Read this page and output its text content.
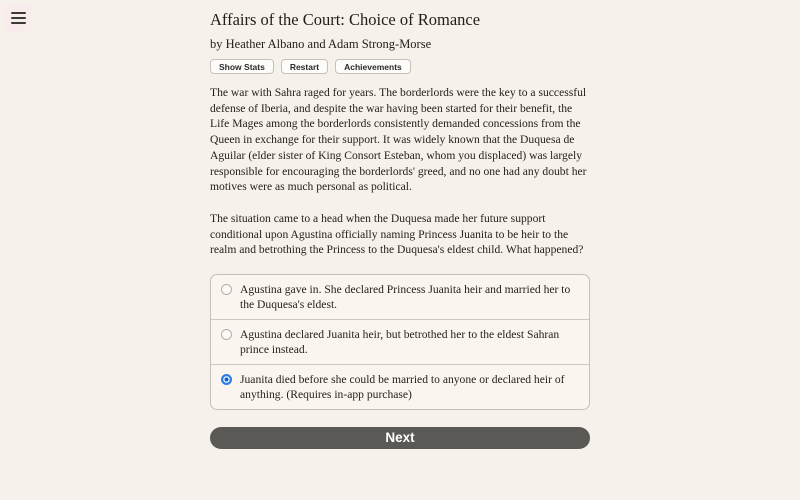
Affairs of the Court: Choice of Romance
by Heather Albano and Adam Strong-Morse
Show Stats	Restart	Achievements

The war with Sahra raged for years. The borderlords were the key to a successful defense of Iberia, and despite the war having been started for their benefit, the Life Mages among the borderlords consistently demanded concessions from the Queen in exchange for their support. It was widely known that the Duquesa de Aguilar (elder sister of King Consort Esteban, whom you displaced) was largely responsible for encouraging the borderlords' greed, and no one had any doubt her motives were as much personal as political.

The situation came to a head when the Duquesa made her future support conditional upon Agustina officially naming Princess Juanita to be heir to the realm and betrothing the Princess to the Duquesa's eldest child. What happened?

Agustina gave in. She declared Princess Juanita heir and married her to the Duquesa's eldest.
Agustina declared Juanita heir, but betrothed her to the eldest Sahran prince instead.
Juanita died before she could be married to anyone or declared heir of anything. (Requires in-app purchase)
Next
